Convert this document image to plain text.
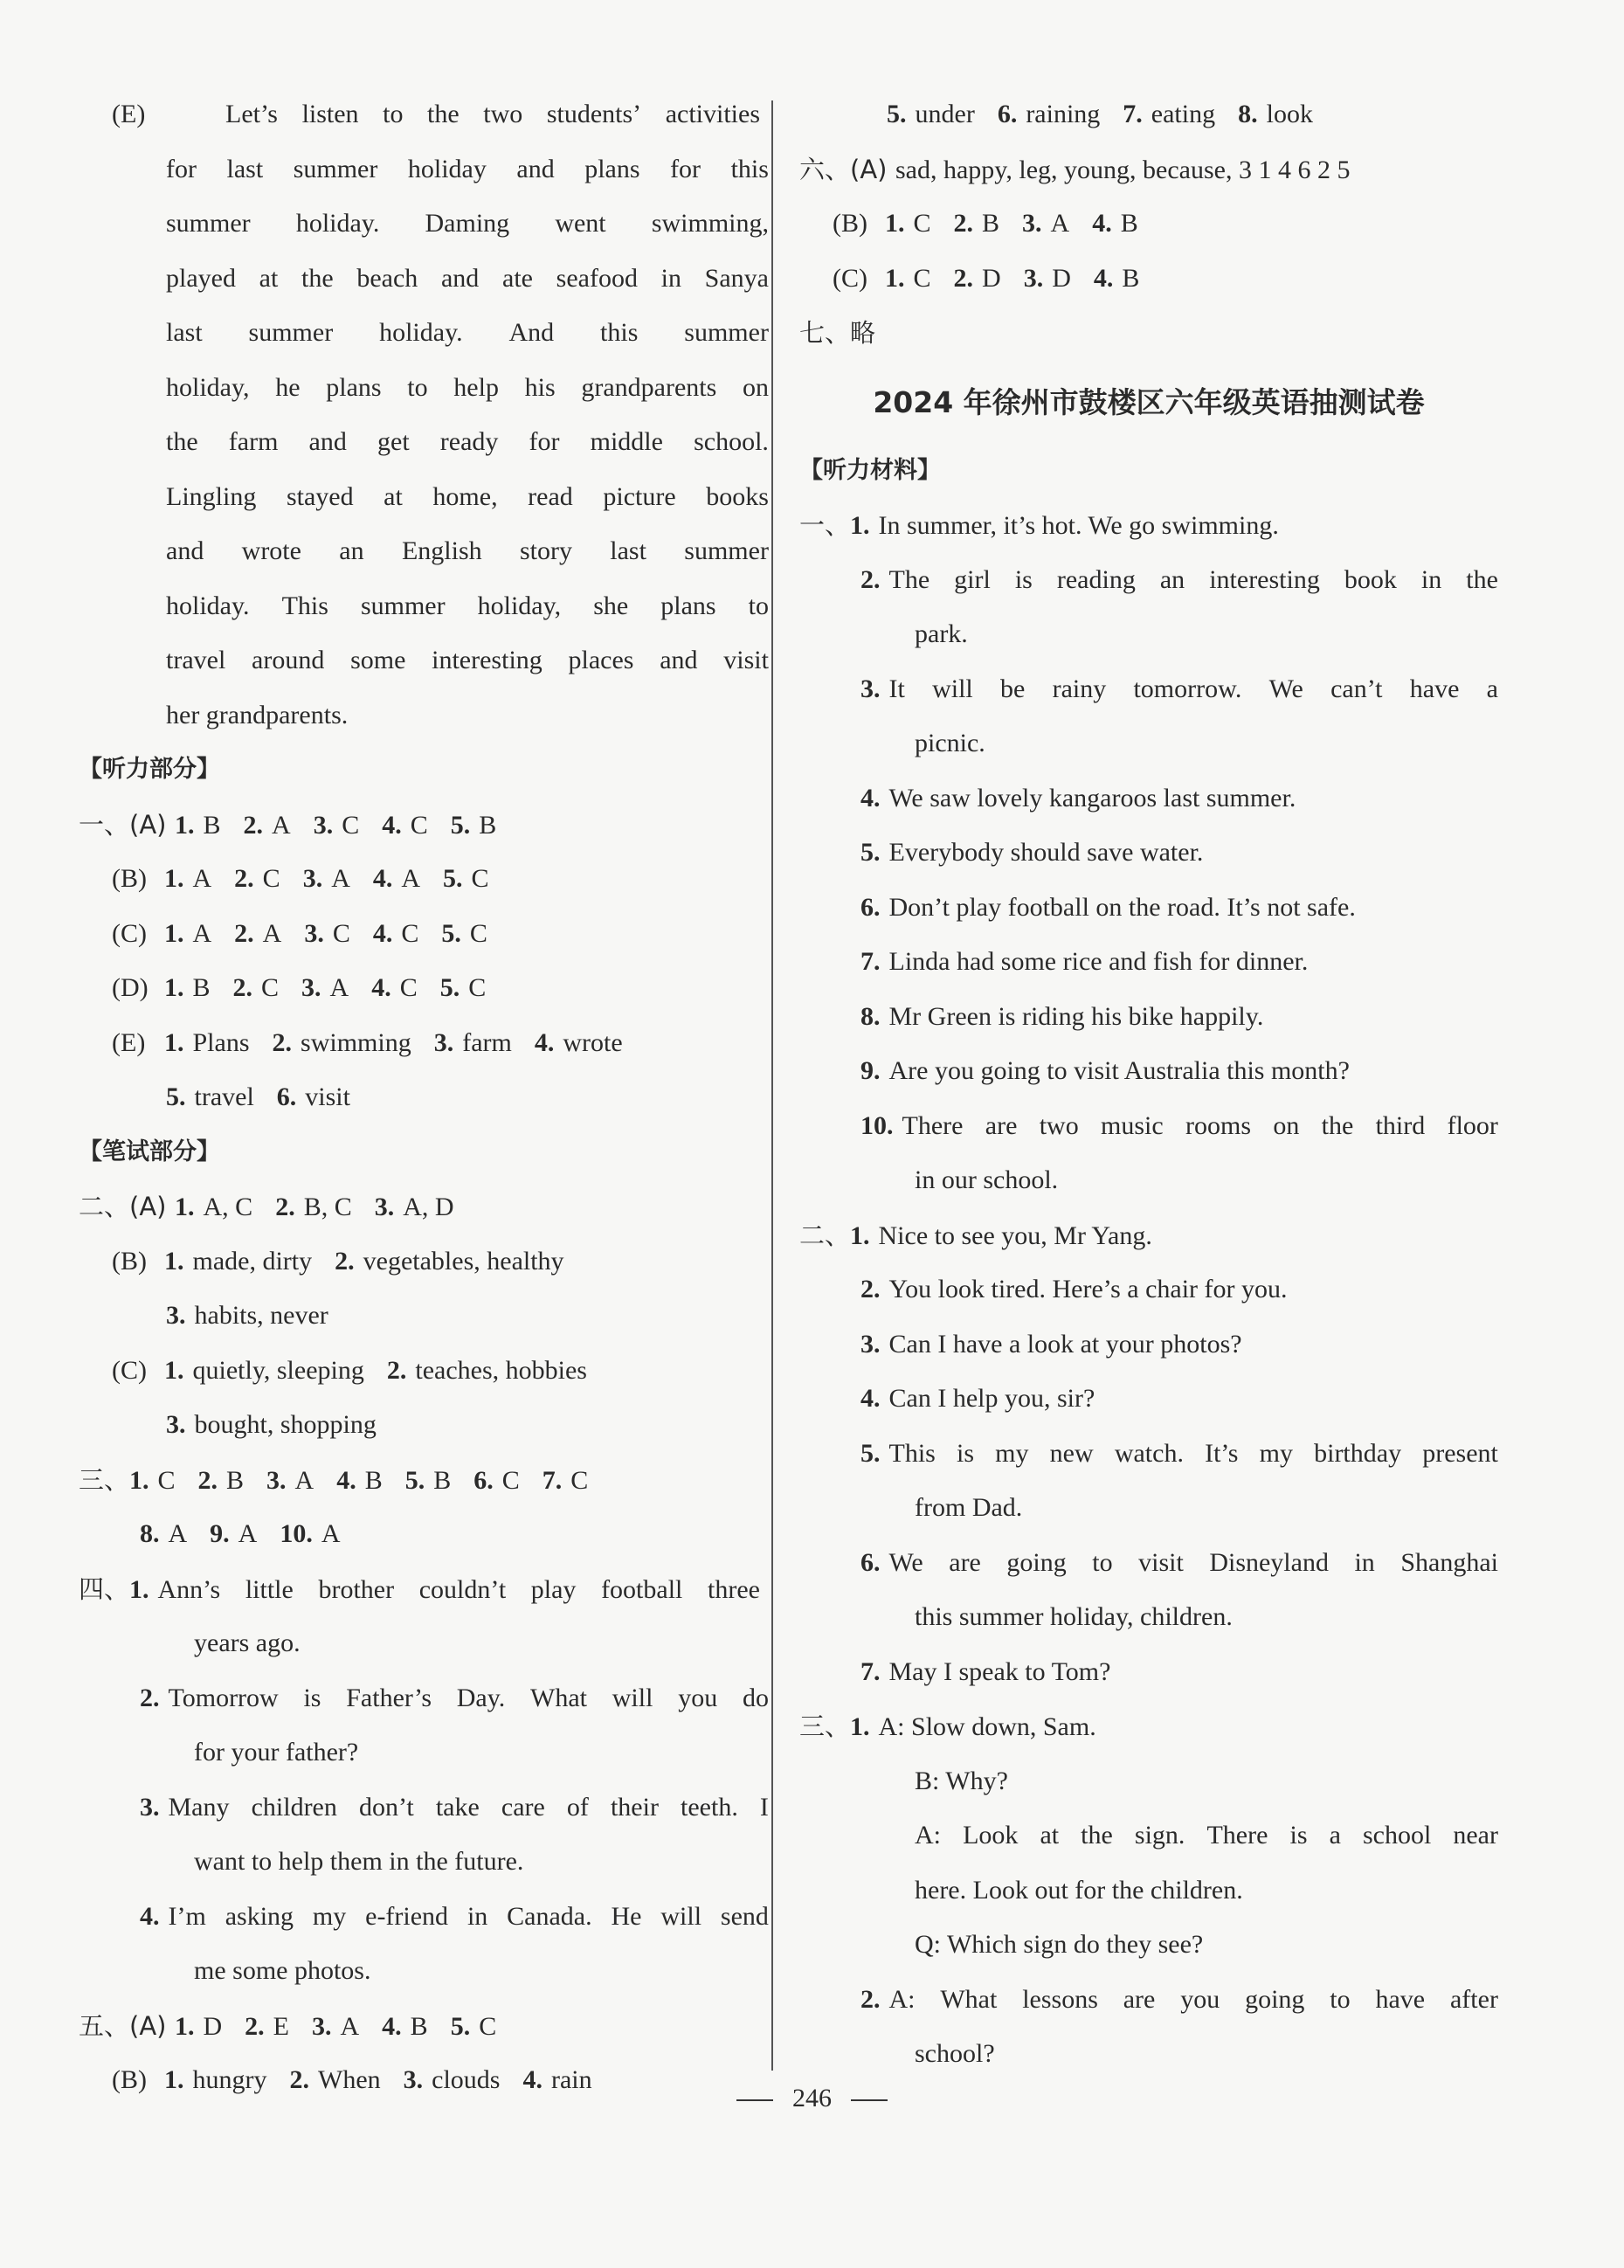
(E)	Let’s listen to the two students’ activities
for last summer holiday and plans for this
summer holiday. Daming went swimming,
played at the beach and ate seafood in Sanya
last summer holiday. And this summer
holiday, he plans to help his grandparents on
the farm and get ready for middle school.
Lingling stayed at home, read picture books
and wrote an English story last summer
holiday. This summer holiday, she plans to
travel around some interesting places and visit
her grandparents.
【听力部分】
一、(A) 1. B 2. A 3. C 4. C 5. B
(B) 1. A 2. C 3. A 4. A 5. C
(C) 1. A 2. A 3. C 4. C 5. C
(D) 1. B 2. C 3. A 4. C 5. C
(E) 1. Plans 2. swimming 3. farm 4. wrote
5. travel 6. visit
【笔试部分】
二、(A) 1. A, C 2. B, C 3. A, D
(B) 1. made, dirty 2. vegetables, healthy
3. habits, never
(C) 1. quietly, sleeping 2. teaches, hobbies
3. bought, shopping
三、1. C 2. B 3. A 4. B 5. B 6. C 7. C
8. A 9. A 10. A
四、1. Ann’s little brother couldn’t play football three
years ago.
2. Tomorrow is Father’s Day. What will you do
for your father?
3. Many children don’t take care of their teeth. I
want to help them in the future.
4. I’m asking my e-friend in Canada. He will send
me some photos.
五、(A) 1. D 2. E 3. A 4. B 5. C
(B) 1. hungry 2. When 3. clouds 4. rain
5. under 6. raining 7. eating 8. look
六、(A) sad, happy, leg, young, because, 3 1 4 6 2 5
(B) 1. C 2. B 3. A 4. B
(C) 1. C 2. D 3. D 4. B
七、略
2024 年徐州市鼓楼区六年级英语抽测试卷
【听力材料】
一、1. In summer, it’s hot. We go swimming.
2. The girl is reading an interesting book in the
park.
3. It will be rainy tomorrow. We can’t have a
picnic.
4. We saw lovely kangaroos last summer.
5. Everybody should save water.
6. Don’t play football on the road. It’s not safe.
7. Linda had some rice and fish for dinner.
8. Mr Green is riding his bike happily.
9. Are you going to visit Australia this month?
10. There are two music rooms on the third floor
in our school.
二、1. Nice to see you, Mr Yang.
2. You look tired. Here’s a chair for you.
3. Can I have a look at your photos?
4. Can I help you, sir?
5. This is my new watch. It’s my birthday present
from Dad.
6. We are going to visit Disneyland in Shanghai
this summer holiday, children.
7. May I speak to Tom?
三、1. A: Slow down, Sam.
B: Why?
A: Look at the sign. There is a school near
here. Look out for the children.
Q: Which sign do they see?
2. A: What lessons are you going to have after
school?
246
